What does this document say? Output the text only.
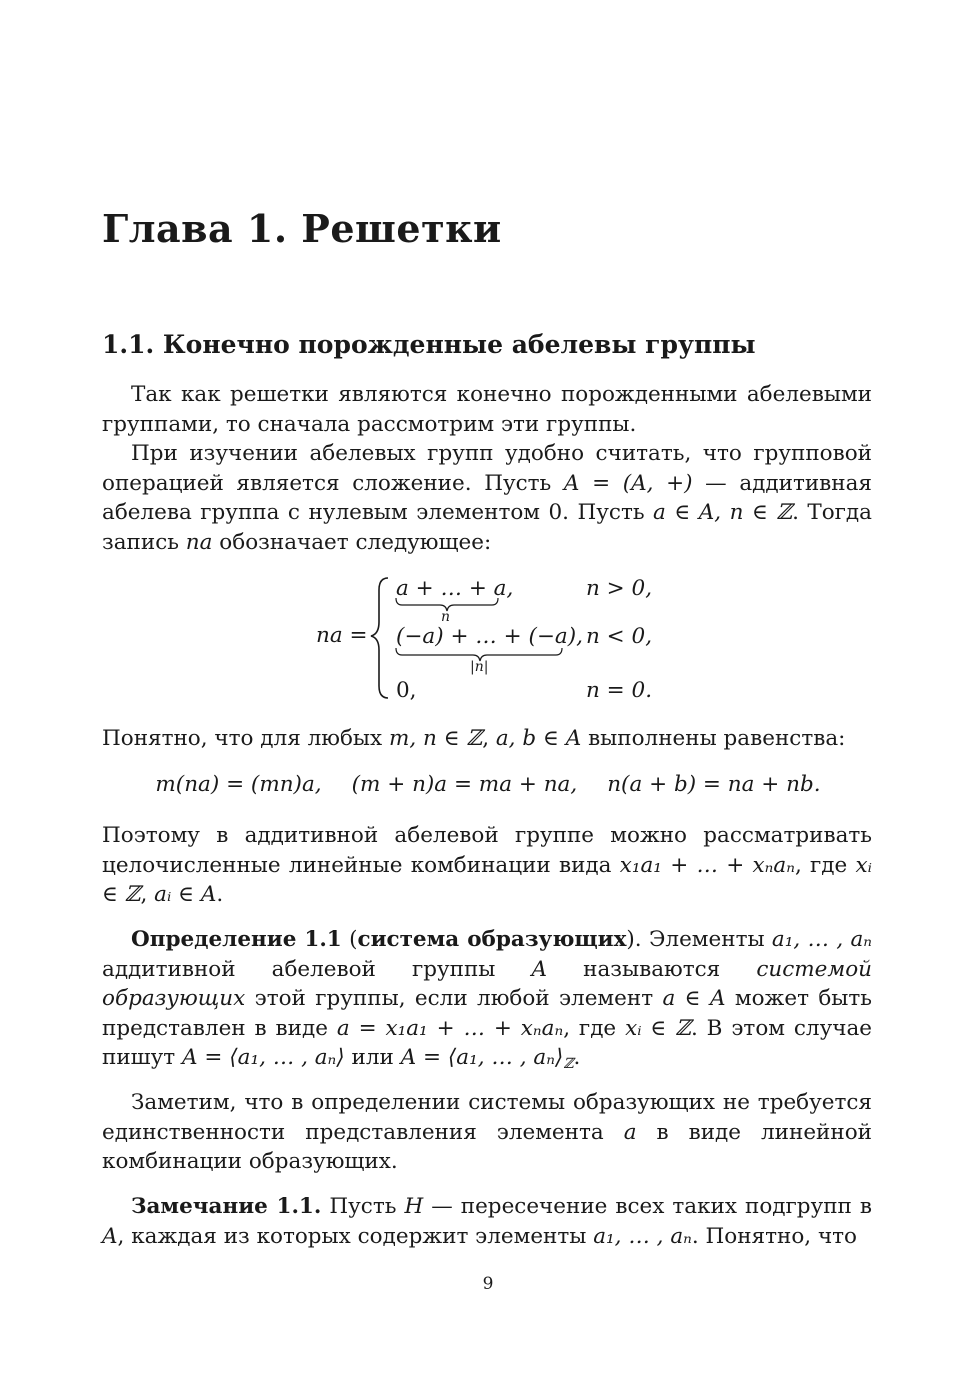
Глава 1. Решетки
1.1. Конечно порожденные абелевы группы

Так как решетки являются конечно порожденными абелевыми группами, то сначала рассмотрим эти группы.

При изучении абелевых групп удобно считать, что групповой операцией является сложение. Пусть A = (A, +) — аддитивная абелева группа с нулевым элементом 0. Пусть a ∈ A, n ∈ ℤ. Тогда запись na обозначает следующее:

na =
a + … + a,
n
n > 0,
(−a) + … + (−a),
|n|
n < 0,
0,	n = 0.

Понятно, что для любых m, n ∈ ℤ, a, b ∈ A выполнены равенства:

m(na) = (mn)a, (m + n)a = ma + na, n(a + b) = na + nb.

Поэтому в аддитивной абелевой группе можно рассматривать целочисленные линейные комбинации вида x₁a₁ + … + xₙaₙ, где xᵢ ∈ ℤ, aᵢ ∈ A.

Определение 1.1 (система образующих). Элементы a₁, … , aₙ аддитивной абелевой группы A называются системой образующих этой группы, если любой элемент a ∈ A может быть представлен в виде a = x₁a₁ + … + xₙaₙ, где xᵢ ∈ ℤ. В этом случае пишут A = ⟨a₁, … , aₙ⟩ или A = ⟨a₁, … , $a_n⟩_ℤ$.

Заметим, что в определении системы образующих не требуется единственности представления элемента a в виде линейной комбинации образующих.

Замечание 1.1. Пусть H — пересечение всех таких подгрупп в A, каждая из которых содержит элементы a₁, … , aₙ. Понятно, что

9
